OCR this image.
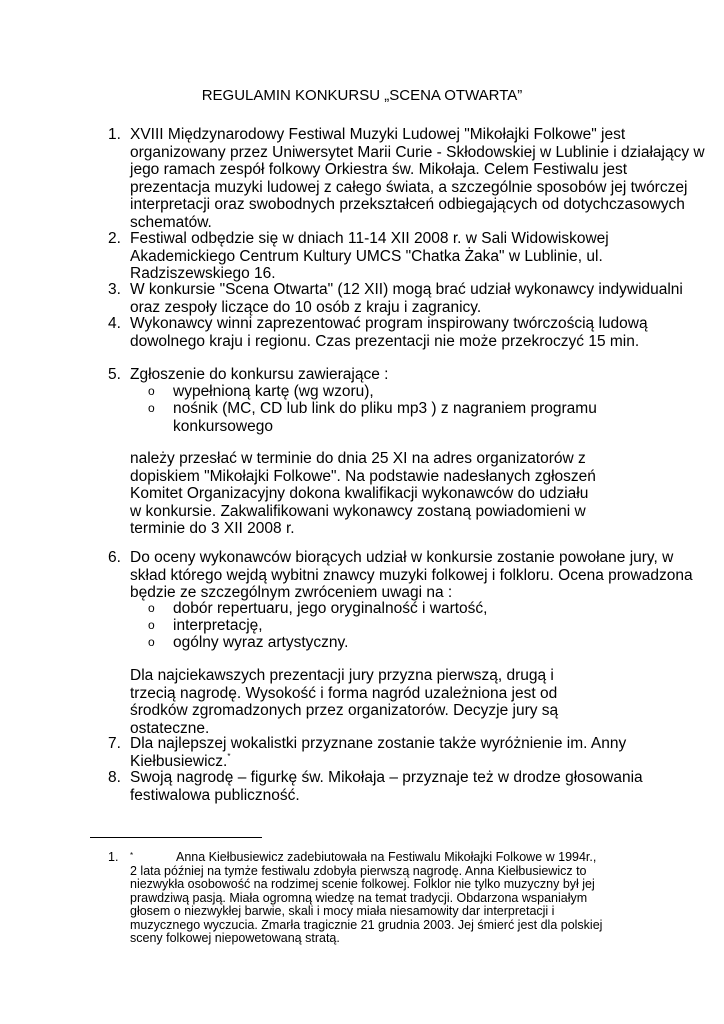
REGULAMIN KONKURSU „SCENA OTWARTA”
1. XVIII Międzynarodowy Festiwal Muzyki Ludowej "Mikołajki Folkowe" jest organizowany przez Uniwersytet Marii Curie - Skłodowskiej w Lublinie i działający w jego ramach zespół folkowy Orkiestra św. Mikołaja. Celem Festiwalu jest prezentacja muzyki ludowej z całego świata, a szczególnie sposobów jej twórczej interpretacji oraz swobodnych przekształceń odbiegających od dotychczasowych schematów.
2. Festiwal odbędzie się w dniach 11-14 XII 2008 r. w Sali Widowiskowej Akademickiego Centrum Kultury UMCS "Chatka Żaka" w Lublinie, ul. Radziszewskiego 16.
3. W konkursie "Scena Otwarta" (12 XII) mogą brać udział wykonawcy indywidualni oraz zespoły liczące do 10 osób z kraju i zagranicy.
4. Wykonawcy winni zaprezentować program inspirowany twórczością ludową dowolnego kraju i regionu. Czas prezentacji nie może przekroczyć 15 min.
5. Zgłoszenie do konkursu zawierające :
o wypełnioną kartę (wg wzoru),
o nośnik (MC, CD lub link do pliku mp3 ) z nagraniem programu konkursowego
należy przesłać w terminie do dnia 25 XI na adres organizatorów z dopiskiem "Mikołajki Folkowe". Na podstawie nadesłanych zgłoszeń Komitet Organizacyjny dokona kwalifikacji wykonawców do udziału w konkursie. Zakwalifikowani wykonawcy zostaną powiadomieni w terminie do 3 XII 2008 r.
6. Do oceny wykonawców biorących udział w konkursie zostanie powołane jury, w skład którego wejdą wybitni znawcy muzyki folkowej i folkloru. Ocena prowadzona będzie ze szczególnym zwróceniem uwagi na :
o dobór repertuaru, jego oryginalność i wartość,
o interpretację,
o ogólny wyraz artystyczny.
Dla najciekawszych prezentacji jury przyzna pierwszą, drugą i trzecią nagrodę. Wysokość i forma nagród uzależniona jest od środków zgromadzonych przez organizatorów. Decyzje jury są ostateczne.
7. Dla najlepszej wokalistki przyznane zostanie także wyróżnienie im. Anny Kiełbusiewicz.*
8. Swoją nagrodę – figurkę św. Mikołaja – przyznaje też w drodze głosowania festiwalowa publiczność.
1. *	Anna Kiełbusiewicz zadebiutowała na Festiwalu Mikołajki Folkowe w 1994r., 2 lata później na tymże festiwalu zdobyła pierwszą nagrodę. Anna Kiełbusiewicz to niezwykła osobowość na rodzimej scenie folkowej. Folklor nie tylko muzyczny był jej prawdziwą pasją. Miała ogromną wiedzę na temat tradycji. Obdarzona wspaniałym głosem o niezwykłej barwie, skali i mocy miała niesamowity dar interpretacji i muzycznego wyczucia. Zmarła tragicznie 21 grudnia 2003. Jej śmierć jest dla polskiej sceny folkowej niepowetowaną stratą.
